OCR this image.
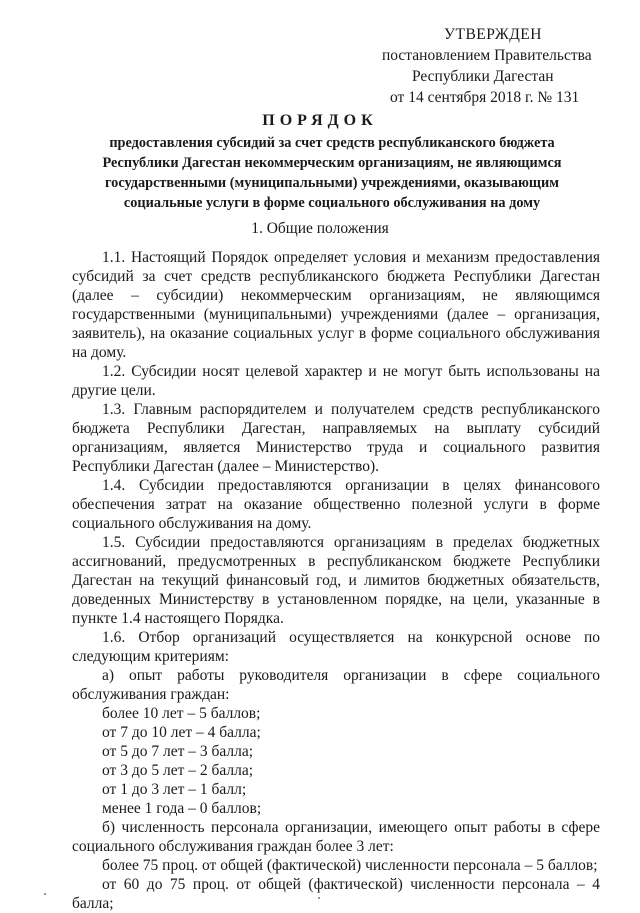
УТВЕРЖДЕН
постановлением Правительства
Республики Дагестан
от 14 сентября 2018 г. № 131
ПОРЯДОК
предоставления субсидий за счет средств республиканского бюджета
Республики Дагестан некоммерческим организациям, не являющимся
государственными (муниципальными) учреждениями, оказывающим
социальные услуги в форме социального обслуживания на дому
1. Общие положения

1.1. Настоящий Порядок определяет условия и механизм предоставления субсидий за счет средств республиканского бюджета Республики Дагестан (далее – субсидии) некоммерческим организациям, не являющимся государственными (муниципальными) учреждениями (далее – организация, заявитель), на оказание социальных услуг в форме социального обслуживания на дому.

1.2. Субсидии носят целевой характер и не могут быть использованы на другие цели.

1.3. Главным распорядителем и получателем средств республиканского бюджета Республики Дагестан, направляемых на выплату субсидий организациям, является Министерство труда и социального развития Республики Дагестан (далее – Министерство).

1.4. Субсидии предоставляются организации в целях финансового обеспечения затрат на оказание общественно полезной услуги в форме социального обслуживания на дому.

1.5. Субсидии предоставляются организациям в пределах бюджетных ассигнований, предусмотренных в республиканском бюджете Республики Дагестан на текущий финансовый год, и лимитов бюджетных обязательств, доведенных Министерству в установленном порядке, на цели, указанные в пункте 1.4 настоящего Порядка.

1.6. Отбор организаций осуществляется на конкурсной основе по следующим критериям:

а) опыт работы руководителя организации в сфере социального обслуживания граждан:

более 10 лет – 5 баллов;
от 7 до 10 лет – 4 балла;
от 5 до 7 лет – 3 балла;
от 3 до 5 лет – 2 балла;
от 1 до 3 лет – 1 балл;
менее 1 года – 0 баллов;

б) численность персонала организации, имеющего опыт работы в сфере социального обслуживания граждан более 3 лет:

более 75 проц. от общей (фактической) численности персонала – 5 баллов;

от 60 до 75 проц. от общей (фактической) численности персонала – 4 балла;
